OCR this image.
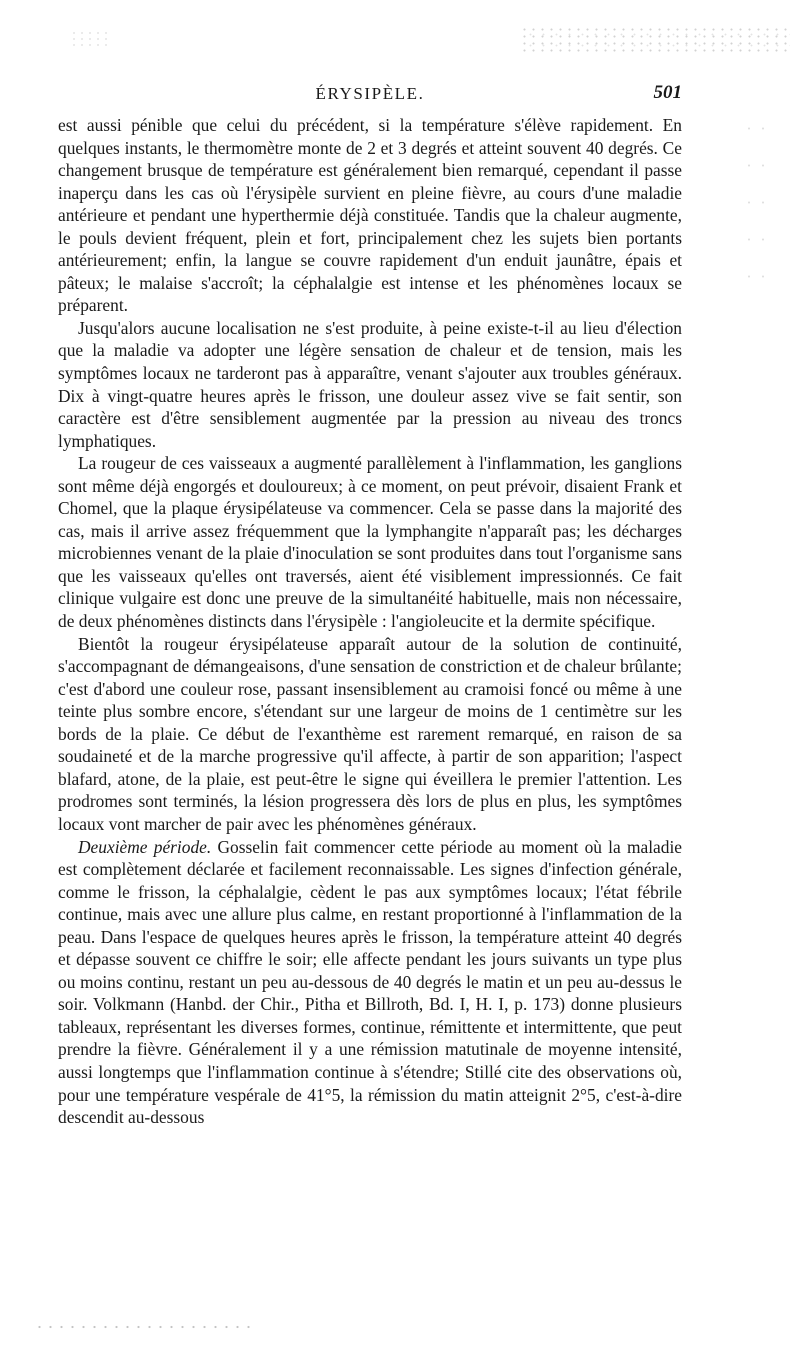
ÉRYSIPÈLE.	501

est aussi pénible que celui du précédent, si la température s'élève rapidement. En quelques instants, le thermomètre monte de 2 et 3 degrés et atteint souvent 40 degrés. Ce changement brusque de température est généralement bien remarqué, cependant il passe inaperçu dans les cas où l'érysipèle survient en pleine fièvre, au cours d'une maladie antérieure et pendant une hyperthermie déjà constituée. Tandis que la chaleur augmente, le pouls devient fréquent, plein et fort, principalement chez les sujets bien portants antérieurement; enfin, la langue se couvre rapidement d'un enduit jaunâtre, épais et pâteux; le malaise s'accroît; la céphalalgie est intense et les phénomènes locaux se préparent.

Jusqu'alors aucune localisation ne s'est produite, à peine existe-t-il au lieu d'élection que la maladie va adopter une légère sensation de chaleur et de tension, mais les symptômes locaux ne tarderont pas à apparaître, venant s'ajouter aux troubles généraux. Dix à vingt-quatre heures après le frisson, une douleur assez vive se fait sentir, son caractère est d'être sensiblement augmentée par la pression au niveau des troncs lymphatiques.

La rougeur de ces vaisseaux a augmenté parallèlement à l'inflammation, les ganglions sont même déjà engorgés et douloureux; à ce moment, on peut prévoir, disaient Frank et Chomel, que la plaque érysipélateuse va commencer. Cela se passe dans la majorité des cas, mais il arrive assez fréquemment que la lymphangite n'apparaît pas; les décharges microbiennes venant de la plaie d'inoculation se sont produites dans tout l'organisme sans que les vaisseaux qu'elles ont traversés, aient été visiblement impressionnés. Ce fait clinique vulgaire est donc une preuve de la simultanéité habituelle, mais non nécessaire, de deux phénomènes distincts dans l'érysipèle : l'angioleucite et la dermite spécifique.

Bientôt la rougeur érysipélateuse apparaît autour de la solution de continuité, s'accompagnant de démangeaisons, d'une sensation de constriction et de chaleur brûlante; c'est d'abord une couleur rose, passant insensiblement au cramoisi foncé ou même à une teinte plus sombre encore, s'étendant sur une largeur de moins de 1 centimètre sur les bords de la plaie. Ce début de l'exanthème est rarement remarqué, en raison de sa soudaineté et de la marche progressive qu'il affecte, à partir de son apparition; l'aspect blafard, atone, de la plaie, est peut-être le signe qui éveillera le premier l'attention. Les prodromes sont terminés, la lésion progressera dès lors de plus en plus, les symptômes locaux vont marcher de pair avec les phénomènes généraux.

Deuxième période. Gosselin fait commencer cette période au moment où la maladie est complètement déclarée et facilement reconnaissable. Les signes d'infection générale, comme le frisson, la céphalalgie, cèdent le pas aux symptômes locaux; l'état fébrile continue, mais avec une allure plus calme, en restant proportionné à l'inflammation de la peau. Dans l'espace de quelques heures après le frisson, la température atteint 40 degrés et dépasse souvent ce chiffre le soir; elle affecte pendant les jours suivants un type plus ou moins continu, restant un peu au-dessous de 40 degrés le matin et un peu au-dessus le soir. Volkmann (Hanbd. der Chir., Pitha et Billroth, Bd. I, H. I, p. 173) donne plusieurs tableaux, représentant les diverses formes, continue, rémittente et intermittente, que peut prendre la fièvre. Généralement il y a une rémission matutinale de moyenne intensité, aussi longtemps que l'inflammation continue à s'étendre; Stillé cite des observations où, pour une température vespérale de 41°5, la rémission du matin atteignit 2°5, c'est-à-dire descendit au-dessous
